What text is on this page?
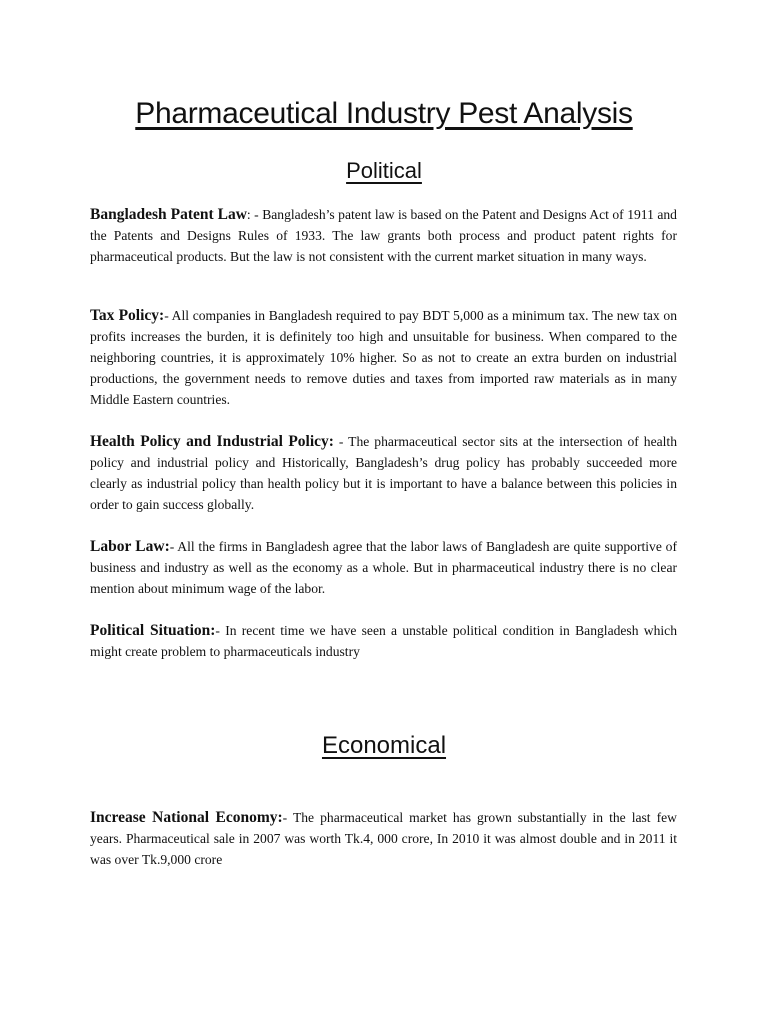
Pharmaceutical Industry Pest Analysis
Political

Bangladesh Patent Law: - Bangladesh’s patent law is based on the Patent and Designs Act of 1911 and the Patents and Designs Rules of 1933. The law grants both process and product patent rights for pharmaceutical products. But the law is not consistent with the current market situation in many ways.

Tax Policy:- All companies in Bangladesh required to pay BDT 5,000 as a minimum tax. The new tax on profits increases the burden, it is definitely too high and unsuitable for business. When compared to the neighboring countries, it is approximately 10% higher. So as not to create an extra burden on industrial productions, the government needs to remove duties and taxes from imported raw materials as in many Middle Eastern countries.

Health Policy and Industrial Policy: - The pharmaceutical sector sits at the intersection of health policy and industrial policy and Historically, Bangladesh’s drug policy has probably succeeded more clearly as industrial policy than health policy but it is important to have a balance between this policies in order to gain success globally.

Labor Law:- All the firms in Bangladesh agree that the labor laws of Bangladesh are quite supportive of business and industry as well as the economy as a whole. But in pharmaceutical industry there is no clear mention about minimum wage of the labor.

Political Situation:- In recent time we have seen a unstable political condition in Bangladesh which might create problem to pharmaceuticals industry

Economical

Increase National Economy:- The pharmaceutical market has grown substantially in the last few years. Pharmaceutical sale in 2007 was worth Tk.4, 000 crore, In 2010 it was almost double and in 2011 it was over Tk.9,000 crore
